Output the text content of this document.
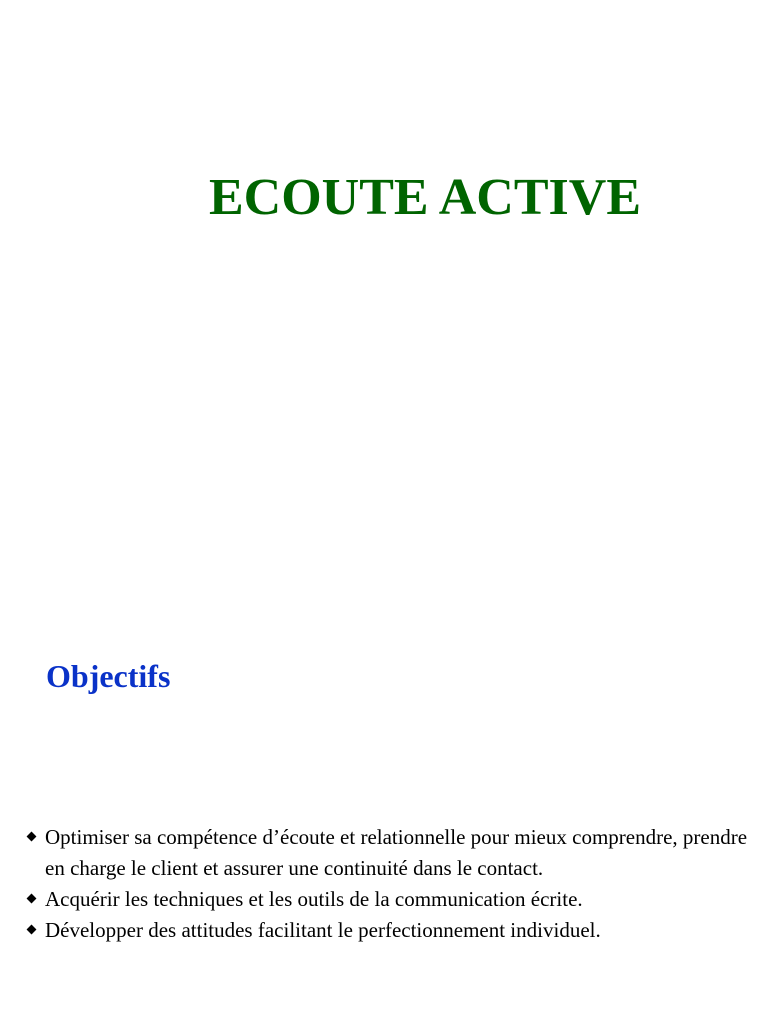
ECOUTE ACTIVE
Objectifs
Optimiser sa compétence d’écoute et relationnelle pour mieux comprendre, prendre en charge le client et assurer une continuité dans le contact.
Acquérir les techniques et les outils de la communication écrite.
Développer des attitudes facilitant le perfectionnement individuel.
